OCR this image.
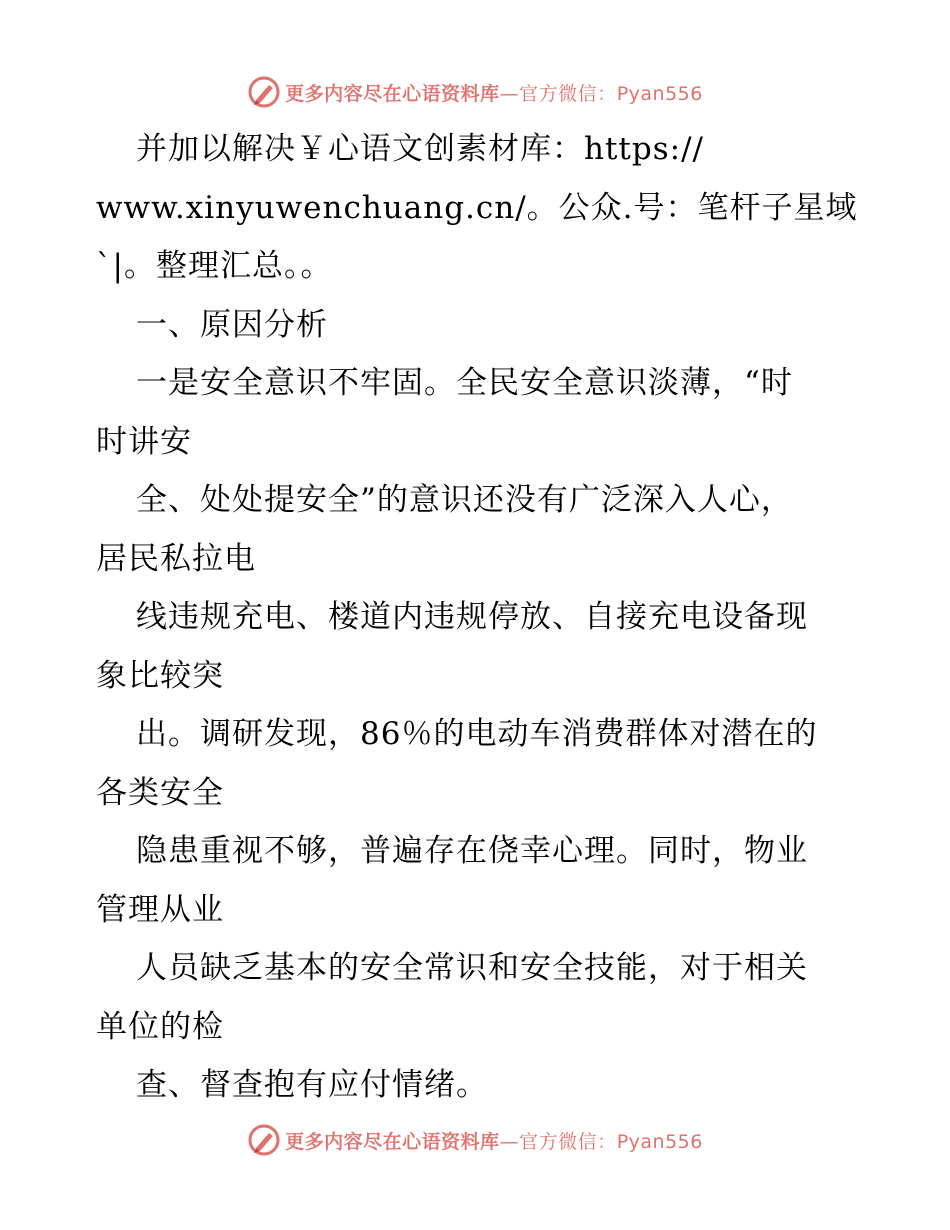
更多内容尽在心语资料库—官方微信：Pyan556
并加以解决￥心语文创素材库：https://
www.xinyuwenchuang.cn/。公众.号：笔杆子星域
`|。整理汇总。。
一、原因分析
一是安全意识不牢固。全民安全意识淡薄，“时
时讲安
全、处处提安全”的意识还没有广泛深入人心，
居民私拉电
线违规充电、楼道内违规停放、自接充电设备现
象比较突
出。调研发现，86％的电动车消费群体对潜在的
各类安全
隐患重视不够，普遍存在侥幸心理。同时，物业
管理从业
人员缺乏基本的安全常识和安全技能，对于相关
单位的检
查、督查抱有应付情绪。
更多内容尽在心语资料库—官方微信：Pyan556
